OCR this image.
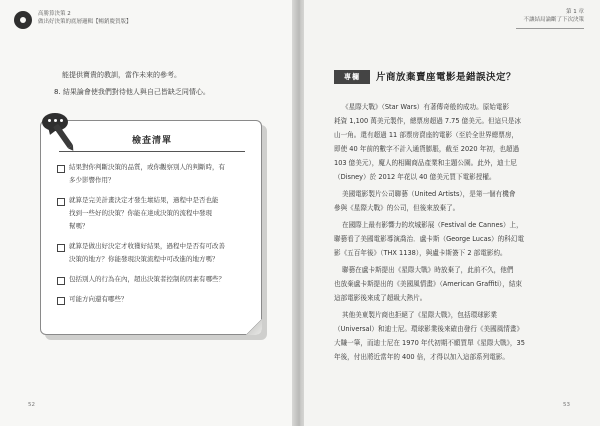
高勝算決策 2
做出好決策的底層邏輯【暢銷慶賀版】
能提供寶貴的教訓，當作未來的參考。
8. 結果論會使我們對待他人與自己皆缺乏同情心。
檢查清單
結果對你判斷決策的品質，或你觀察別人的判斷時，有
多少影響作用？
就算是完美計畫決定才發生壞結果，過程中是否也能
找到一些好的決策？你能在達成決策的流程中發現
幫嗎？
就算是做出好決定才收獲好結果，過程中是否有可改善
決策的地方？你能發現決策流程中可改進的地方嗎？
包括別人的行為在內，超出決策者控制的因素有哪些？
可能方向還有哪些？
52
第 1 章
不讓結局論斷了下次決策
專欄	片商放棄賣座電影是錯誤決定？
《星際大戰》（Star Wars）有著傳奇般的成功。原始電影
耗資 1,100 萬美元製作，總票房超過 7.75 億美元。但這只是冰
山一角。還有超過 11 部票房賣座的電影（至於全世界總票房，
即使 40 年前的數字不計入通貨膨脹，截至 2020 年初，也超過
103 億美元），魔人的相關商品產業和主題公園。此外，迪士尼
（Disney）於 2012 年花以 40 億美元買下電影授權。
美國電影製片公司聯藝（United Artists），是第一個有機會
參與《星際大戰》的公司，但後來放棄了。
在國際上最有影響力的坎城影展（Festival de Cannes）上，
聯藝看了美國電影導演喬治．盧卡斯（George Lucas）的科幻電
影《五百年後》（THX 1138），與盧卡斯簽下 2 部電影約。
聯藝在盧卡斯提出《星際大戰》時放棄了，此前不久，他們
也放棄盧卡斯提出的《美國風情畫》（American Graffiti），結束
這部電影後來成了超級大熱片。
其他美東製片商也拒絕了《星際大戰》，包括環球影業
（Universal）和迪士尼。環球影業後來確由發行《美國風情畫》
大賺一筆，而迪士尼在 1970 年代初期不願買單《星際大戰》，35
年後，付出將近當年的 400 倍，才得以加入這部系列電影。
53
